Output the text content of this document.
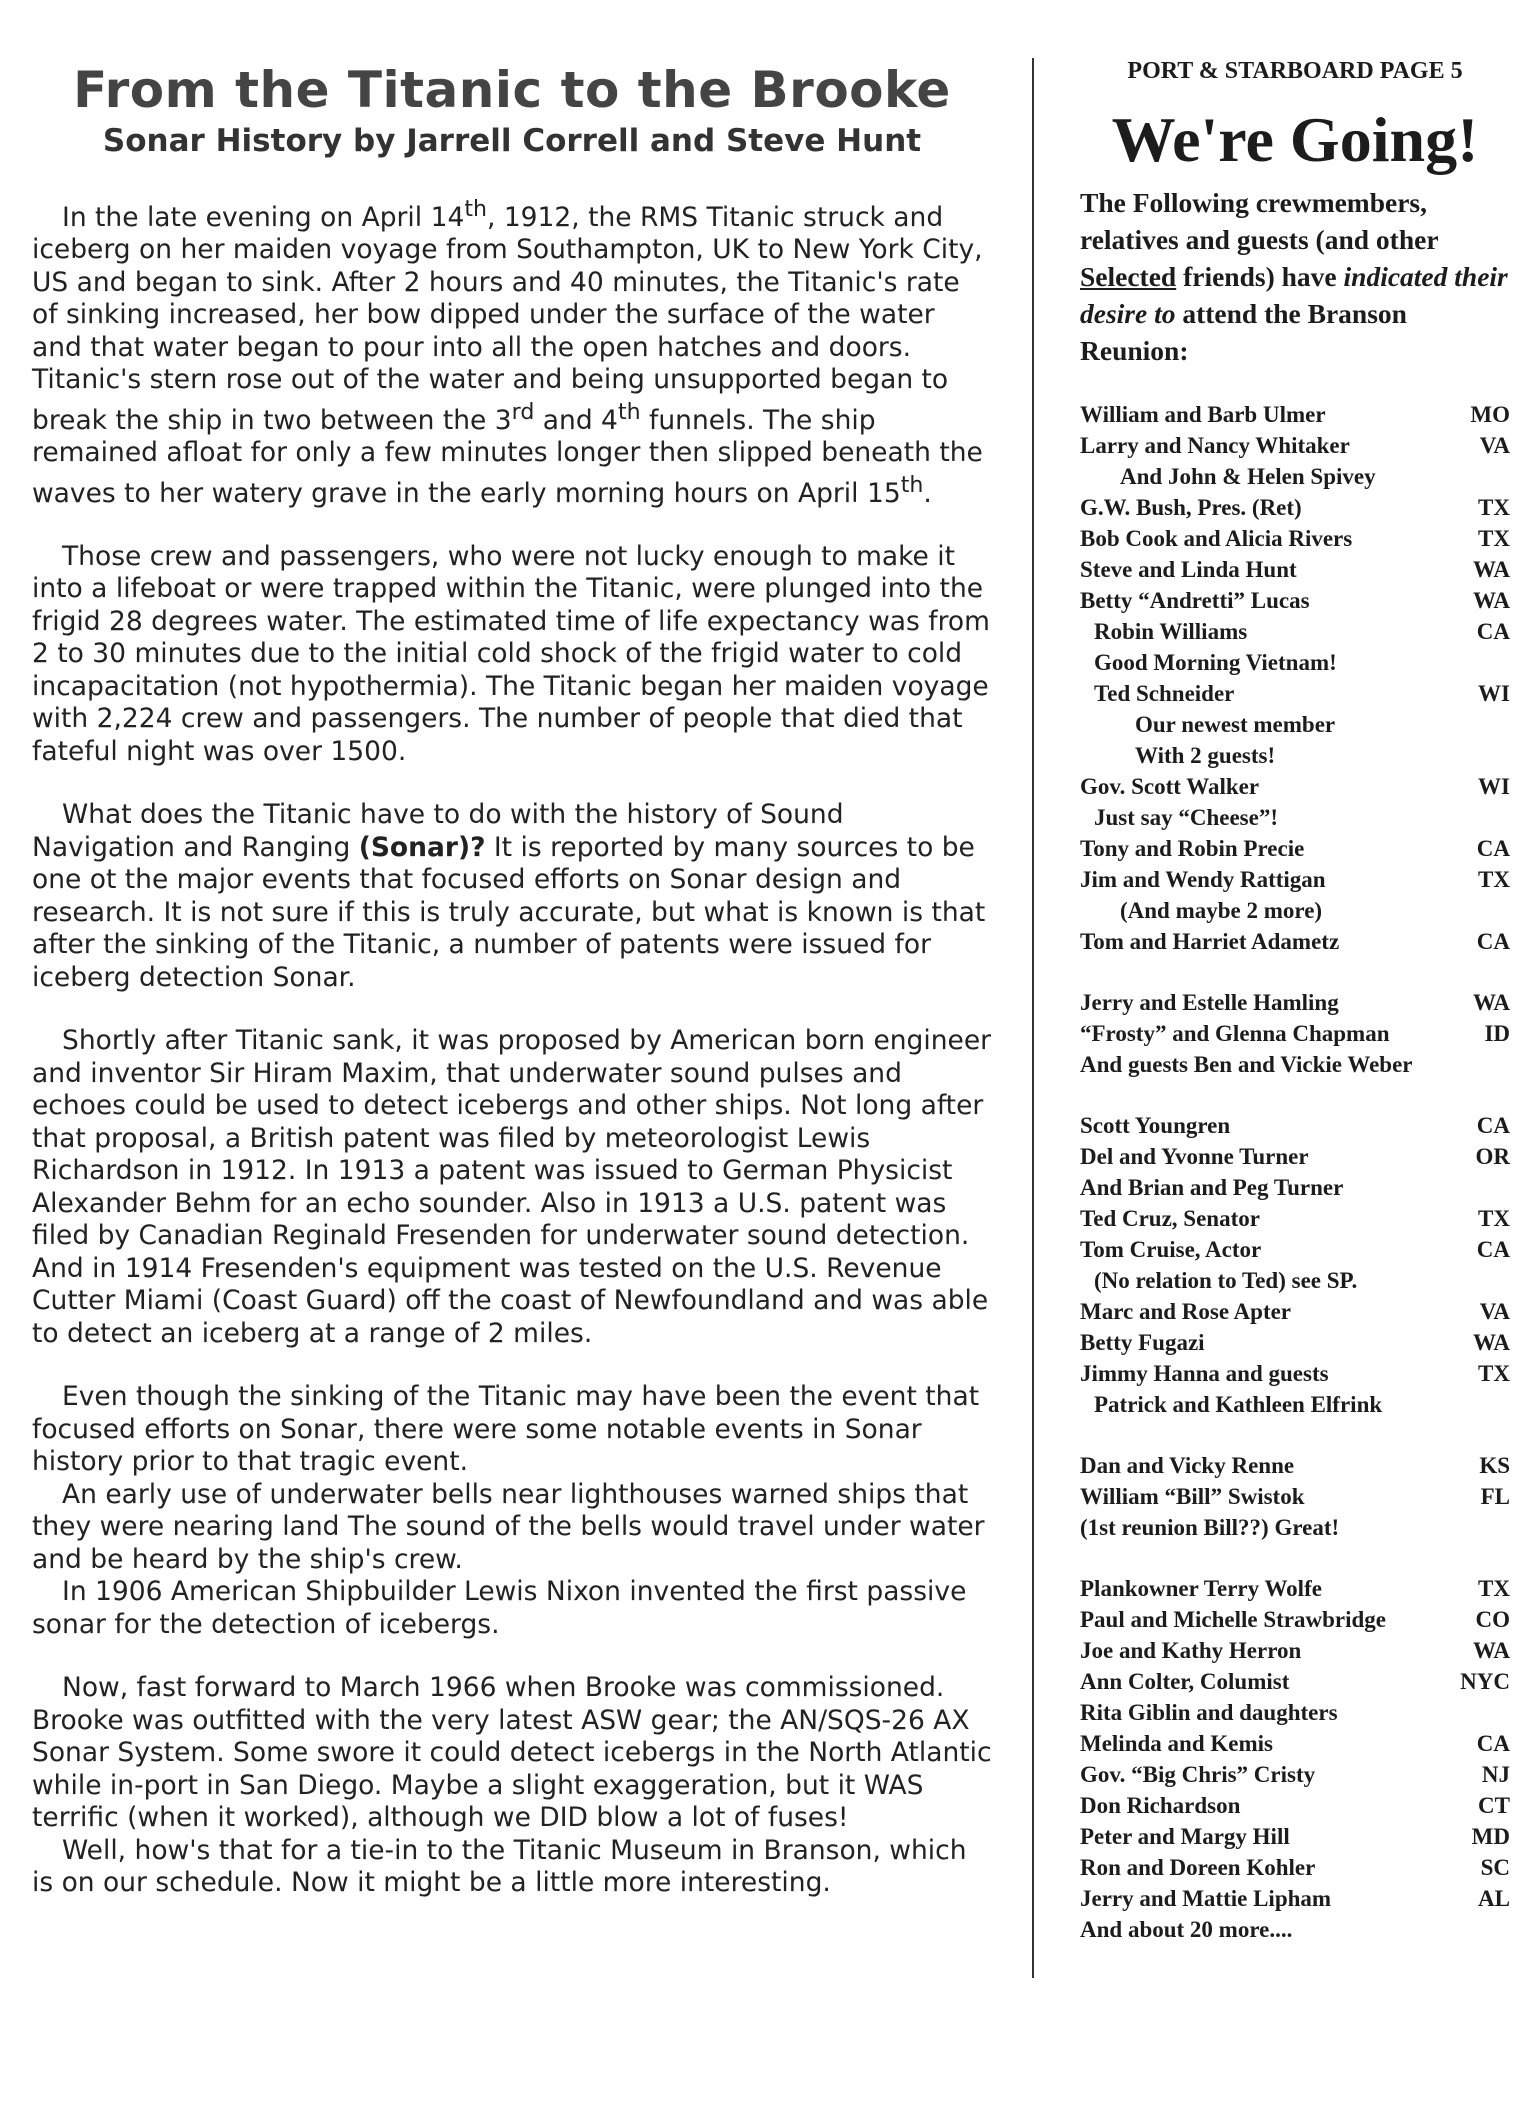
From the Titanic to the Brooke
Sonar History by Jarrell Correll and Steve Hunt

In the late evening on April 14th, 1912, the RMS Titanic struck and iceberg on her maiden voyage from Southampton, UK to New York City, US and began to sink. After 2 hours and 40 minutes, the Titanic's rate of sinking increased, her bow dipped under the surface of the water and that water began to pour into all the open hatches and doors. Titanic's stern rose out of the water and being unsupported began to break the ship in two between the 3rd and 4th funnels. The ship remained afloat for only a few minutes longer then slipped beneath the waves to her watery grave in the early morning hours on April 15th.

Those crew and passengers, who were not lucky enough to make it into a lifeboat or were trapped within the Titanic, were plunged into the frigid 28 degrees water. The estimated time of life expectancy was from 2 to 30 minutes due to the initial cold shock of the frigid water to cold incapacitation (not hypothermia). The Titanic began her maiden voyage with 2,224 crew and passengers. The number of people that died that fateful night was over 1500.

What does the Titanic have to do with the history of Sound Navigation and Ranging (Sonar)? It is reported by many sources to be one ot the major events that focused efforts on Sonar design and research. It is not sure if this is truly accurate, but what is known is that after the sinking of the Titanic, a number of patents were issued for iceberg detection Sonar.

Shortly after Titanic sank, it was proposed by American born engineer and inventor Sir Hiram Maxim, that underwater sound pulses and echoes could be used to detect icebergs and other ships. Not long after that proposal, a British patent was filed by meteorologist Lewis Richardson in 1912. In 1913 a patent was issued to German Physicist Alexander Behm for an echo sounder. Also in 1913 a U.S. patent was filed by Canadian Reginald Fresenden for underwater sound detection. And in 1914 Fresenden's equipment was tested on the U.S. Revenue Cutter Miami (Coast Guard) off the coast of Newfoundland and was able to detect an iceberg at a range of 2 miles.

Even though the sinking of the Titanic may have been the event that focused efforts on Sonar, there were some notable events in Sonar history prior to that tragic event.

An early use of underwater bells near lighthouses warned ships that they were nearing land The sound of the bells would travel under water and be heard by the ship's crew.

In 1906 American Shipbuilder Lewis Nixon invented the first passive sonar for the detection of icebergs.

Now, fast forward to March 1966 when Brooke was commissioned. Brooke was outfitted with the very latest ASW gear; the AN/SQS-26 AX Sonar System. Some swore it could detect icebergs in the North Atlantic while in-port in San Diego. Maybe a slight exaggeration, but it WAS terrific (when it worked), although we DID blow a lot of fuses!

Well, how's that for a tie-in to the Titanic Museum in Branson, which is on our schedule. Now it might be a little more interesting.

PORT & STARBOARD PAGE 5
We're Going!
The Following crewmembers, relatives and guests (and other Selected friends) have indicated their desire to attend the Branson Reunion:
William and Barb Ulmer	MO
Larry and Nancy Whitaker	VA
And John & Helen Spivey
G.W. Bush, Pres. (Ret)	TX
Bob Cook and Alicia Rivers	TX
Steve and Linda Hunt	WA
Betty “Andretti” Lucas	WA
Robin Williams	CA
Good Morning Vietnam!
Ted Schneider	WI
Our newest member
With 2 guests!
Gov. Scott Walker	WI
Just say “Cheese”!
Tony and Robin Precie	CA
Jim and Wendy Rattigan	TX
(And maybe 2 more)
Tom and Harriet Adametz	CA
Jerry and Estelle Hamling	WA
“Frosty” and Glenna Chapman	ID
And guests Ben and Vickie Weber
Scott Youngren	CA
Del and Yvonne Turner	OR
And Brian and Peg Turner
Ted Cruz, Senator	TX
Tom Cruise, Actor	CA
(No relation to Ted) see SP.
Marc and Rose Apter	VA
Betty Fugazi	WA
Jimmy Hanna and guests	TX
Patrick and Kathleen Elfrink
Dan and Vicky Renne	KS
William “Bill” Swistok	FL
(1st reunion Bill??) Great!
Plankowner Terry Wolfe	TX
Paul and Michelle Strawbridge	CO
Joe and Kathy Herron	WA
Ann Colter, Columist	NYC
Rita Giblin and daughters
Melinda and Kemis	CA
Gov. “Big Chris” Cristy	NJ
Don Richardson	CT
Peter and Margy Hill	MD
Ron and Doreen Kohler	SC
Jerry and Mattie Lipham	AL
And about 20 more....
